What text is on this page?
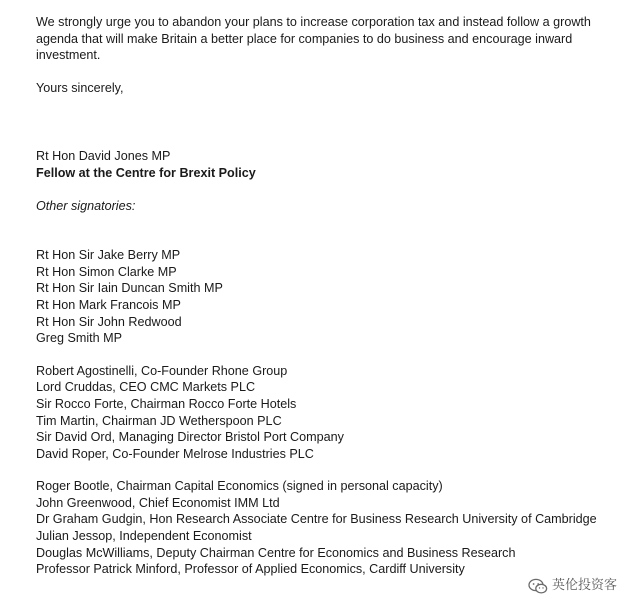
We strongly urge you to abandon your plans to increase corporation tax and instead follow a growth agenda that will make Britain a better place for companies to do business and encourage inward investment.

Yours sincerely,

Rt Hon David Jones MP
Fellow at the Centre for Brexit Policy
Other signatories:
Rt Hon Sir Jake Berry MP
Rt Hon Simon Clarke MP
Rt Hon Sir Iain Duncan Smith MP
Rt Hon Mark Francois MP
Rt Hon Sir John Redwood
Greg Smith MP
Robert Agostinelli, Co-Founder Rhone Group
Lord Cruddas, CEO CMC Markets PLC
Sir Rocco Forte, Chairman Rocco Forte Hotels
Tim Martin, Chairman JD Wetherspoon PLC
Sir David Ord, Managing Director Bristol Port Company
David Roper, Co-Founder Melrose Industries PLC
Roger Bootle, Chairman Capital Economics (signed in personal capacity)
John Greenwood, Chief Economist IMM Ltd
Dr Graham Gudgin, Hon Research Associate Centre for Business Research University of Cambridge
Julian Jessop, Independent Economist
Douglas McWilliams, Deputy Chairman Centre for Economics and Business Research
Professor Patrick Minford, Professor of Applied Economics, Cardiff University
英伦投资客
